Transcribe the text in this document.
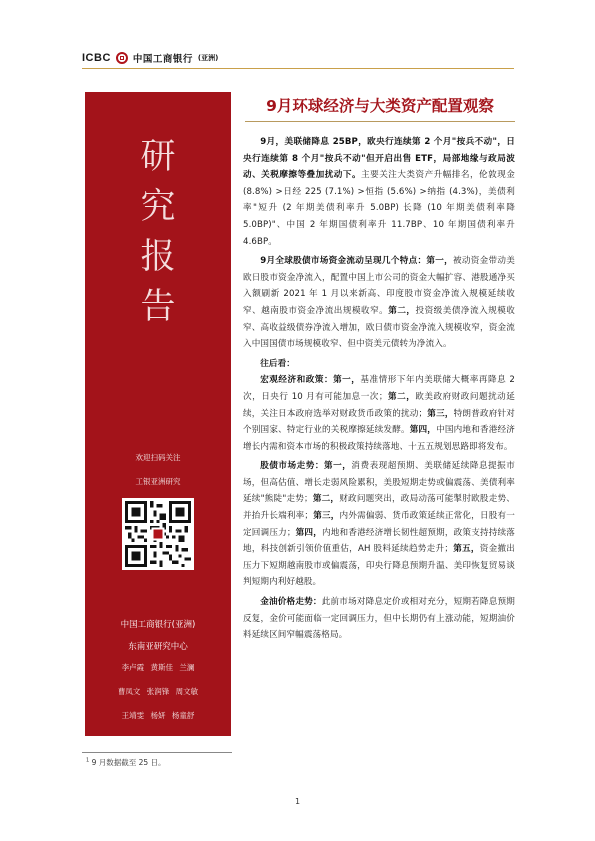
ICBC 中国工商银行 (亚洲)
研
究
报
告
欢迎扫码关注
工银亚洲研究
中国工商银行(亚洲)
东南亚研究中心
李卢霞 黄斯佳 兰澜
曹凤文 张润锋 周文敏
王靖雯 杨妍 杨童舒
9月环球经济与大类资产配置观察

9月，美联储降息 25BP，欧央行连续第 2 个月"按兵不动"，日央行连续第 8 个月"按兵不动"但开启出售 ETF，局部地缘与政局波动、关税摩擦等叠加扰动下。主要关注大类资产升幅排名，伦敦现金 (8.8%) >日经 225 (7.1%) >恒指 (5.6%) >纳指 (4.3%)，美债利率"短升 (2 年期美债利率升 5.0BP) 长降 (10 年期美债利率降 5.0BP)"、中国 2 年期国债利率升 11.7BP、10 年期国债利率升 4.6BP。

9月全球股债市场资金流动呈现几个特点：第一，被动资金带动美欧日股市资金净流入，配置中国上市公司的资金大幅扩容、港股通净买入额刷新 2021 年 1 月以来新高、印度股市资金净流入规模延续收窄、越南股市资金净流出规模收窄。第二，投资级美债净流入规模收窄、高收益级债券净流入增加，欧日债市资金净流入规模收窄，资金流入中国国债市场规模收窄、但中资美元债转为净流入。

往后看：

宏观经济和政策：第一，基准情形下年内美联储大概率再降息 2 次，日央行 10 月有可能加息一次；第二，欧美政府财政问题扰动延续，关注日本政府选举对财政货币政策的扰动；第三，特朗普政府针对个别国家、特定行业的关税摩擦延续发酵。第四，中国内地和香港经济增长内需和资本市场的积极政策持续落地、十五五规划思路即将发布。

股债市场走势：第一，消费表现超预期、美联储延续降息提振市场，但高估值、增长走弱风险累积，美股短期走势或偏震荡、美债利率延续"熊陡"走势；第二，财政问题突出，政局动荡可能掣肘欧股走势、并抬升长端利率；第三，内外需偏弱、货币政策延续正常化，日股有一定回调压力；第四，内地和香港经济增长韧性超预期，政策支持持续落地，科技创新引领价值重估，AH 股料延续趋势走升；第五，资金撤出压力下短期越南股市或偏震荡，印央行降息预期升温、美印恢复贸易谈判短期内利好越股。

金油价格走势：此前市场对降息定价或相对充分，短期若降息预期反复，金价可能面临一定回调压力，但中长期仍有上涨动能，短期油价料延续区间窄幅震荡格局。

$^1$ 9 月数据截至 25 日。
1
